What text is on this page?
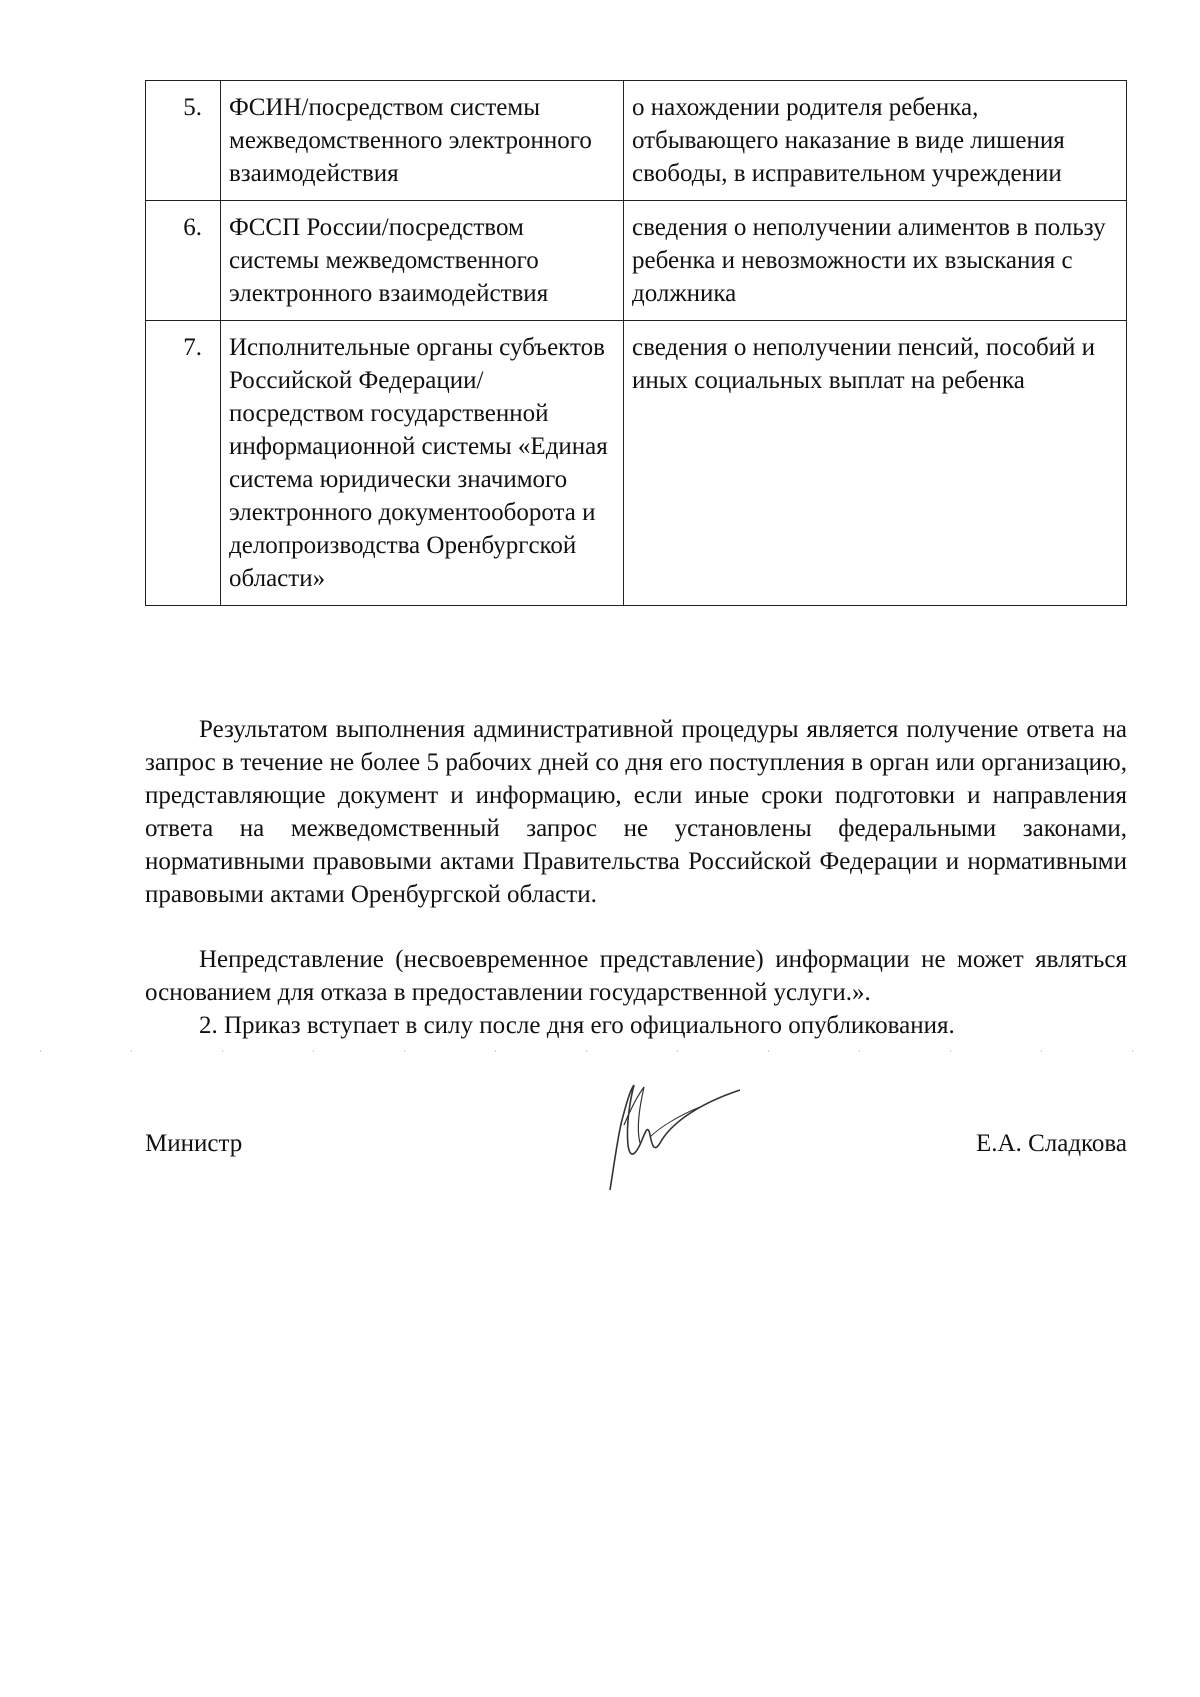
5.	ФСИН/посредством системы межведомственного электронного взаимодействия	о нахождении родителя ребенка, отбывающего наказание в виде лишения свободы, в исправительном учреждении
6.	ФССП России/посредством системы межведомственного электронного взаимодействия	сведения о неполучении алиментов в пользу ребенка и невозможности их взыскания с должника
7.	Исполнительные органы субъектов Российской Федерации/посредством государственной информационной системы «Единая система юридически значимого электронного документооборота и делопроизводства Оренбургской области»	сведения о неполучении пенсий, пособий и иных социальных выплат на ребенка

Результатом выполнения административной процедуры является получение ответа на запрос в течение не более 5 рабочих дней со дня его поступления в орган или организацию, представляющие документ и информацию, если иные сроки подготовки и направления ответа на межведомственный запрос не установлены федеральными законами, нормативными правовыми актами Правительства Российской Федерации и нормативными правовыми актами Оренбургской области.

Непредставление (несвоевременное представление) информации не может являться основанием для отказа в предоставлении государственной услуги.».

2. Приказ вступает в силу после дня его официального опубликования.

Министр	Е.А. Сладкова
